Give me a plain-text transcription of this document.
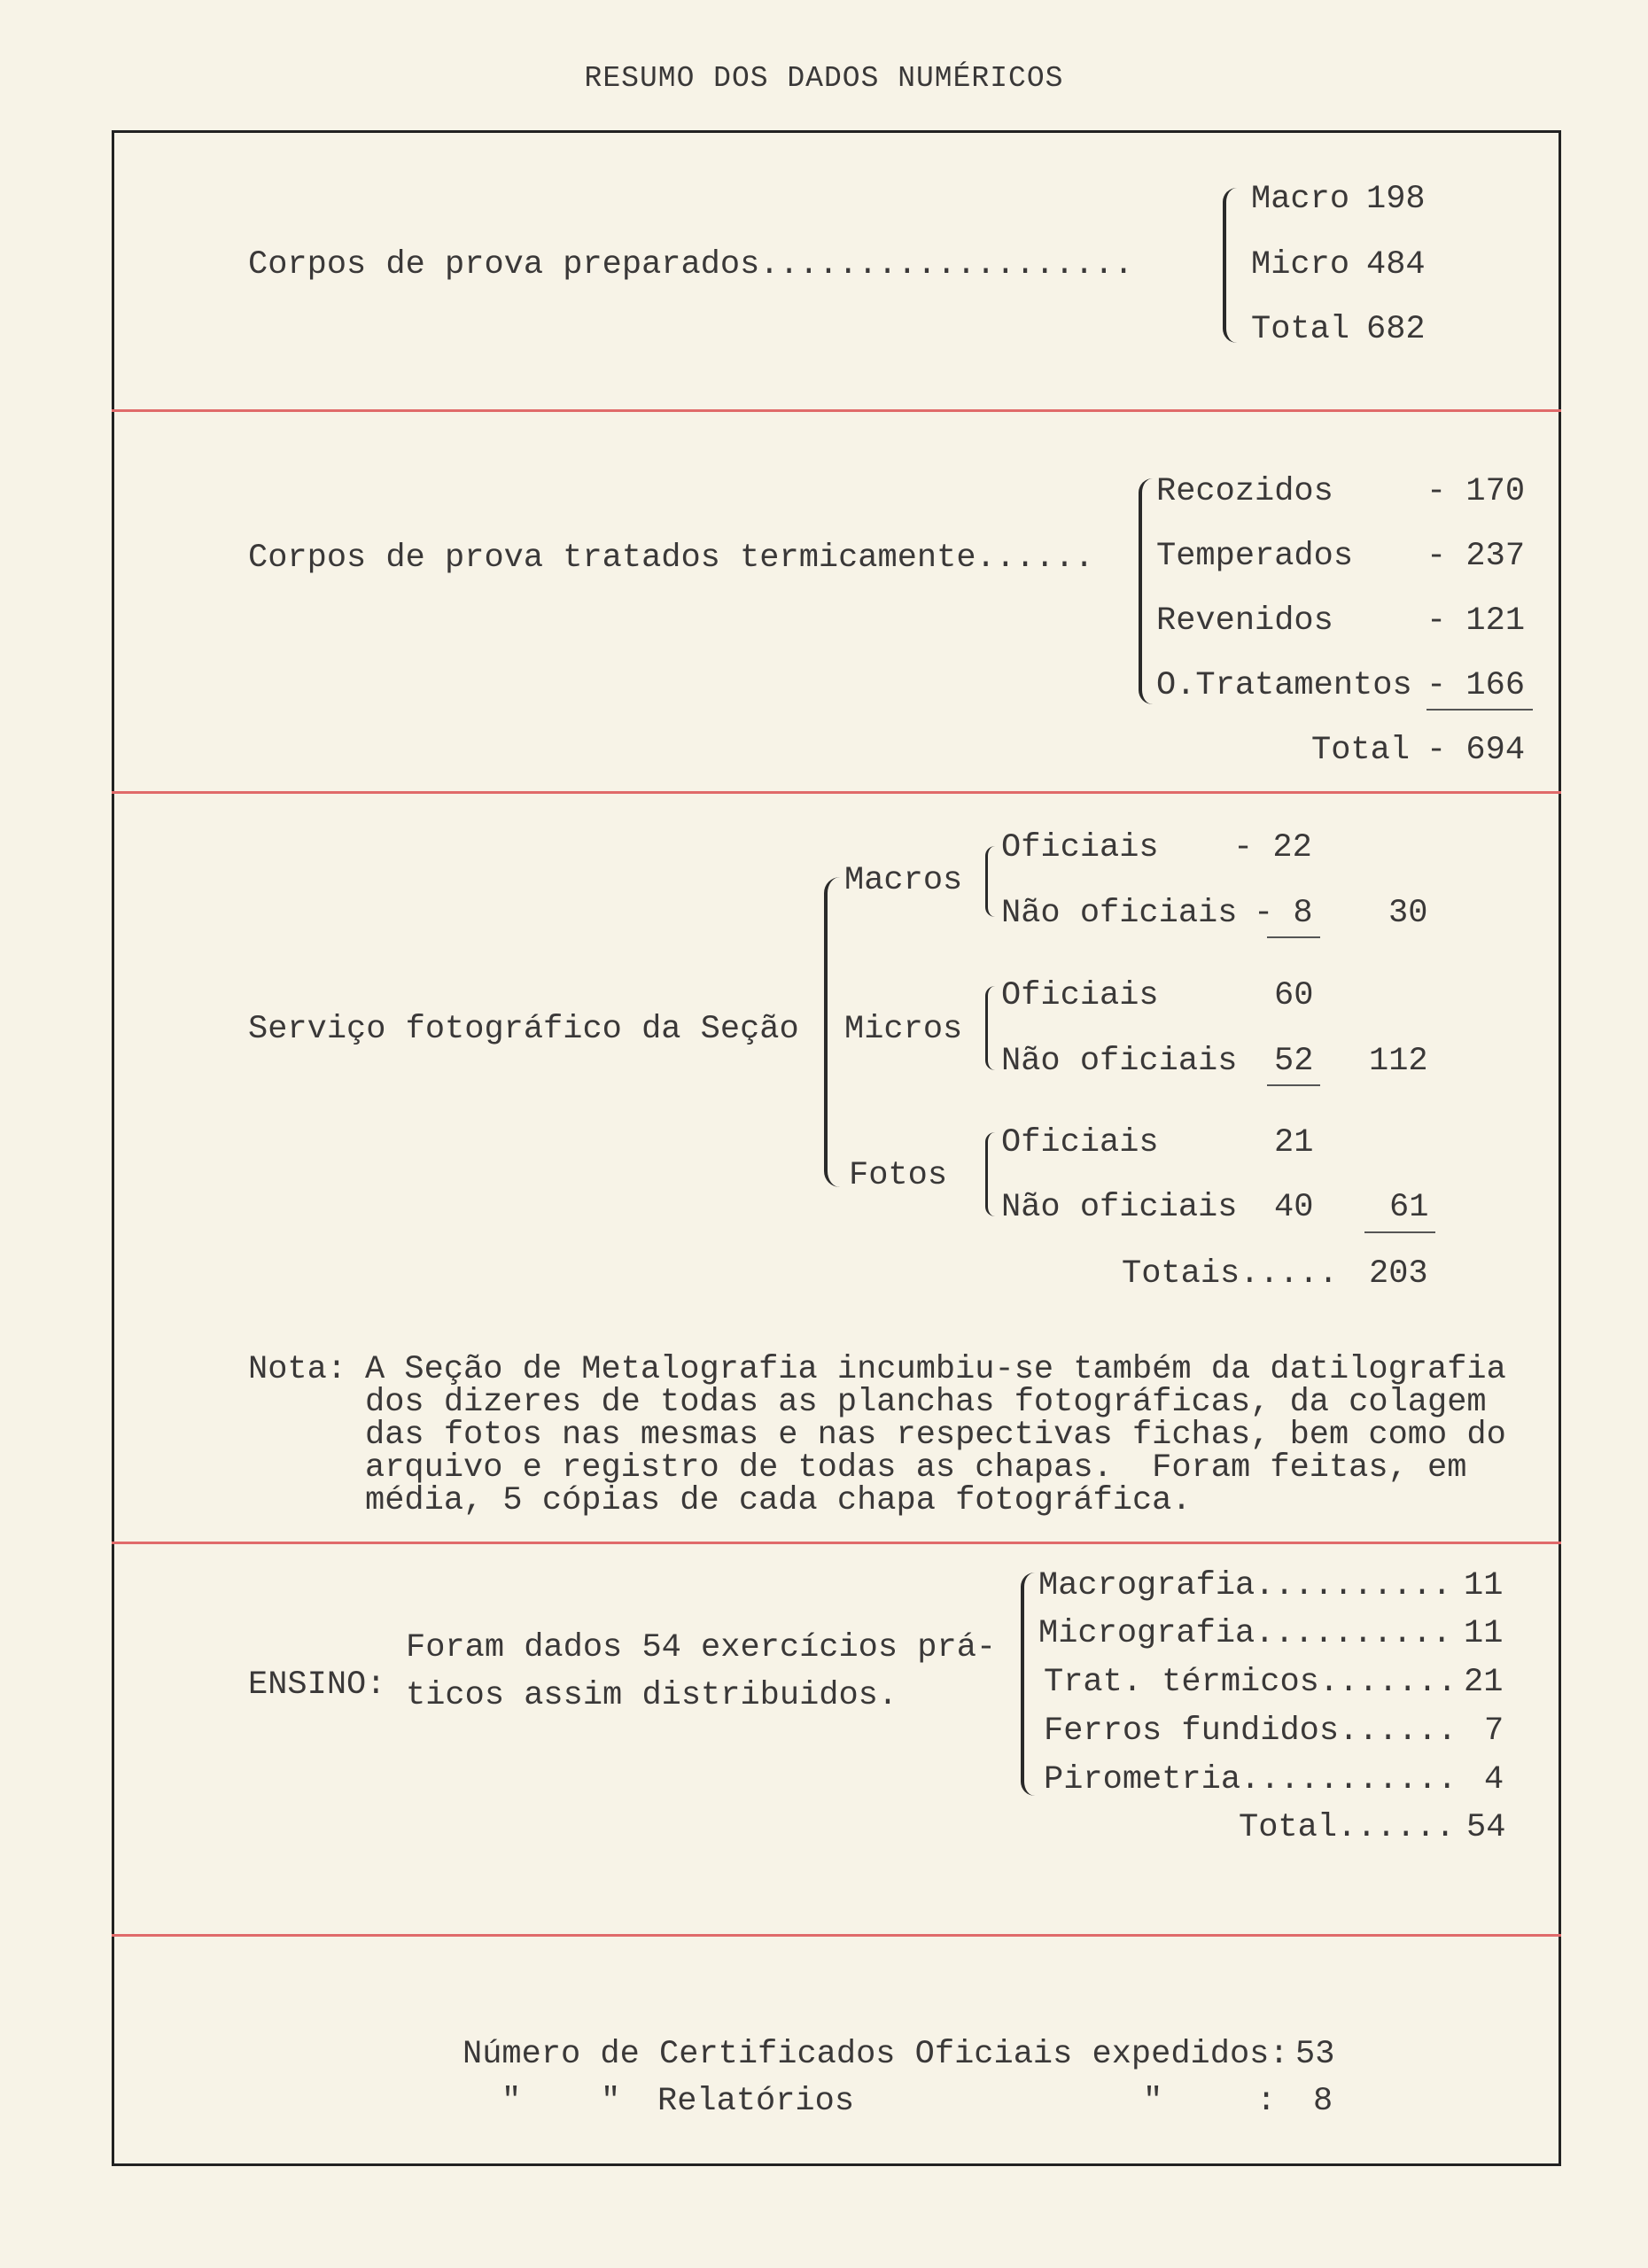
RESUMO DOS DADOS NUMÉRICOS
Corpos de prova preparados...................
Macro 198
Micro 484
Total 682
Corpos de prova tratados termicamente......
Recozidos	- 170
Temperados - 237
Revenidos	- 121
O.Tratamentos - 166
Total - 694
Serviço fotográfico da Seção
Macros
Oficiais - 22
Não oficiais - 8 30
Micros
Oficiais	60
Não oficiais 52 112
Fotos
Oficiais	21
Não oficiais 40 61
Totais..... 203
Nota: A Seção de Metalografia incumbiu-se também da datilografia
dos dizeres de todas as planchas fotográficas, da colagem
das fotos nas mesmas e nas respectivas fichas, bem como do
arquivo e registro de todas as chapas.  Foram feitas, em
média, 5 cópias de cada chapa fotográfica.
ENSINO:
Foram dados 54 exercícios prá-
ticos assim distribuidos.
Macrografia.......... 11
Micrografia.......... 11
Trat. térmicos....... 21
Ferros fundidos...... 7
Pirometria........... 4
Total...... 54
Número de Certificados Oficiais expedidos: 53
" " Relatórios	"	: 8
